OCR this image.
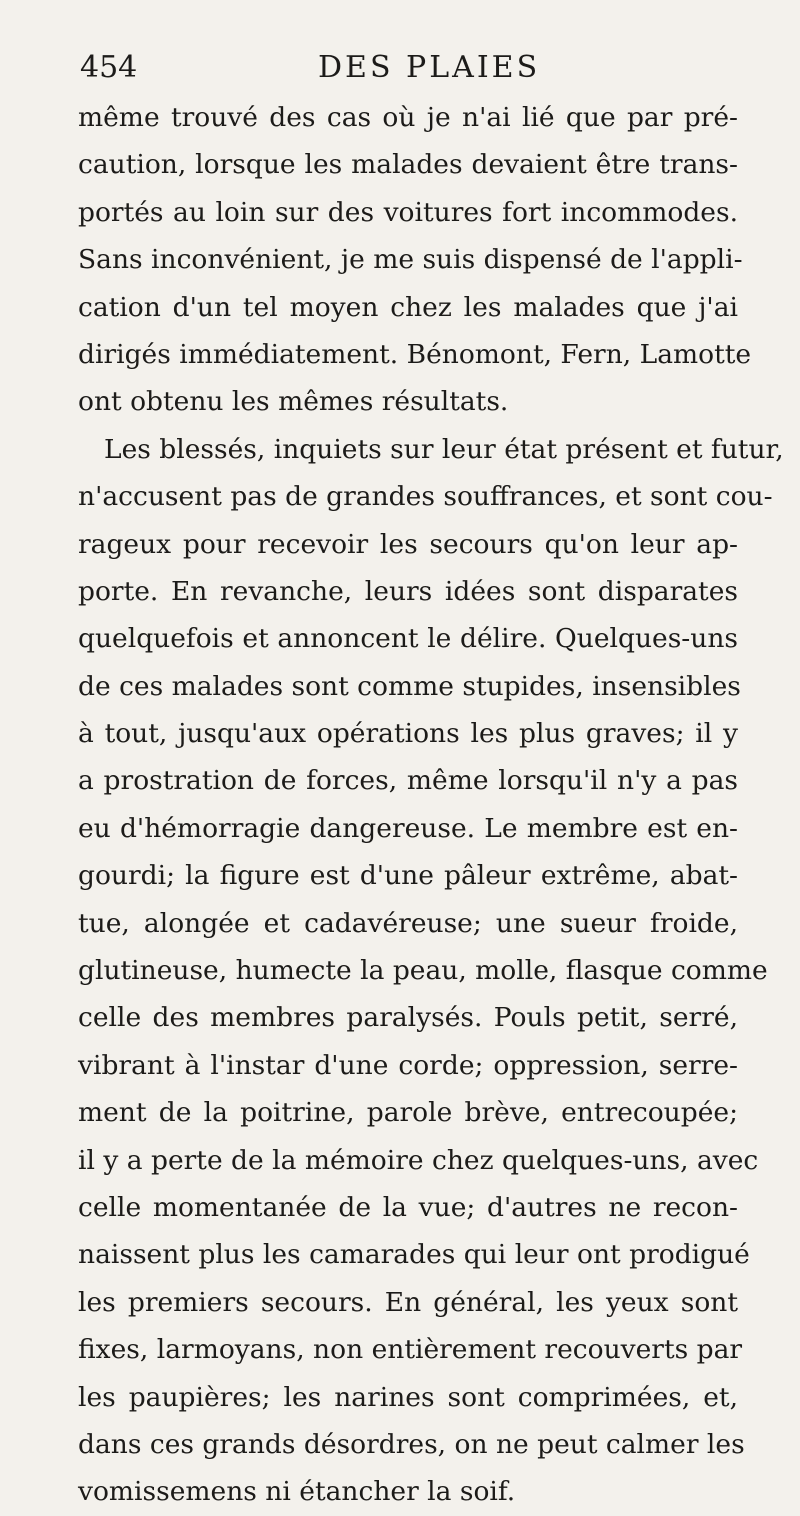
454	DES PLAIES
même trouvé des cas où je n'ai lié que par pré-
caution, lorsque les malades devaient être trans-
portés au loin sur des voitures fort incommodes.
Sans inconvénient, je me suis dispensé de l'appli-
cation d'un tel moyen chez les malades que j'ai
dirigés immédiatement. Bénomont, Fern, Lamotte
ont obtenu les mêmes résultats.
Les blessés, inquiets sur leur état présent et futur,
n'accusent pas de grandes souffrances, et sont cou-
rageux pour recevoir les secours qu'on leur ap-
porte. En revanche, leurs idées sont disparates
quelquefois et annoncent le délire. Quelques-uns
de ces malades sont comme stupides, insensibles
à tout, jusqu'aux opérations les plus graves; il y
a prostration de forces, même lorsqu'il n'y a pas
eu d'hémorragie dangereuse. Le membre est en-
gourdi; la figure est d'une pâleur extrême, abat-
tue, alongée et cadavéreuse; une sueur froide,
glutineuse, humecte la peau, molle, flasque comme
celle des membres paralysés. Pouls petit, serré,
vibrant à l'instar d'une corde; oppression, serre-
ment de la poitrine, parole brève, entrecoupée;
il y a perte de la mémoire chez quelques-uns, avec
celle momentanée de la vue; d'autres ne recon-
naissent plus les camarades qui leur ont prodigué
les premiers secours. En général, les yeux sont
fixes, larmoyans, non entièrement recouverts par
les paupières; les narines sont comprimées, et,
dans ces grands désordres, on ne peut calmer les
vomissemens ni étancher la soif.
